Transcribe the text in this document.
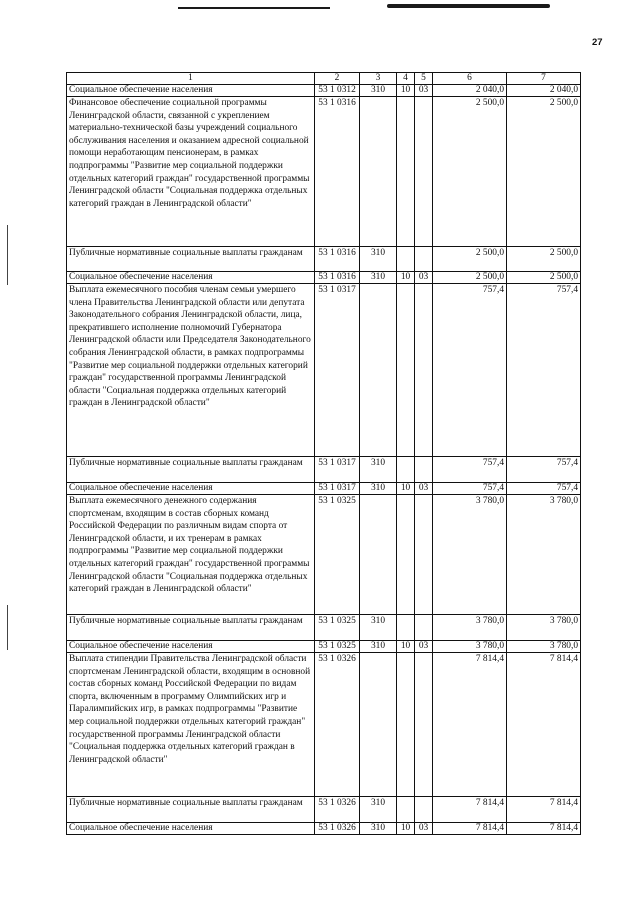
27
1	2	3	4	5	6	7
Социальное обеспечение населения	53 1 0312	310	10	03	2 040,0	2 040,0
Финансовое обеспечение социальной программы Ленинградской области, связанной с укреплением материально-технической базы учреждений социального обслуживания населения и оказанием адресной социальной помощи неработающим пенсионерам, в рамках подпрограммы "Развитие мер социальной поддержки отдельных категорий граждан" государственной программы Ленинградской области "Социальная поддержка отдельных категорий граждан в Ленинградской области"	53 1 0316				2 500,0	2 500,0
Публичные нормативные социальные выплаты гражданам	53 1 0316	310			2 500,0	2 500,0
Социальное обеспечение населения	53 1 0316	310	10	03	2 500,0	2 500,0
Выплата ежемесячного пособия членам семьи умершего члена Правительства Ленинградской области или депутата Законодательного собрания Ленинградской области, лица, прекратившего исполнение полномочий Губернатора Ленинградской области или Председателя Законодательного собрания Ленинградской области, в рамках подпрограммы "Развитие мер социальной поддержки отдельных категорий граждан" государственной программы Ленинградской области "Социальная поддержка отдельных категорий граждан в Ленинградской области"	53 1 0317				757,4	757,4
Публичные нормативные социальные выплаты гражданам	53 1 0317	310			757,4	757,4
Социальное обеспечение населения	53 1 0317	310	10	03	757,4	757,4
Выплата ежемесячного денежного содержания спортсменам, входящим в состав сборных команд Российской Федерации по различным видам спорта от Ленинградской области, и их тренерам в рамках подпрограммы "Развитие мер социальной поддержки отдельных категорий граждан" государственной программы Ленинградской области "Социальная поддержка отдельных категорий граждан в Ленинградской области"	53 1 0325				3 780,0	3 780,0
Публичные нормативные социальные выплаты гражданам	53 1 0325	310			3 780,0	3 780,0
Социальное обеспечение населения	53 1 0325	310	10	03	3 780,0	3 780,0
Выплата стипендии Правительства Ленинградской области спортсменам Ленинградской области, входящим в основной состав сборных команд Российской Федерации по видам спорта, включенным в программу Олимпийских игр и Паралимпийских игр, в рамках подпрограммы "Развитие мер социальной поддержки отдельных категорий граждан" государственной программы Ленинградской области "Социальная поддержка отдельных категорий граждан в Ленинградской области"	53 1 0326				7 814,4	7 814,4
Публичные нормативные социальные выплаты гражданам	53 1 0326	310			7 814,4	7 814,4
Социальное обеспечение населения	53 1 0326	310	10	03	7 814,4	7 814,4
